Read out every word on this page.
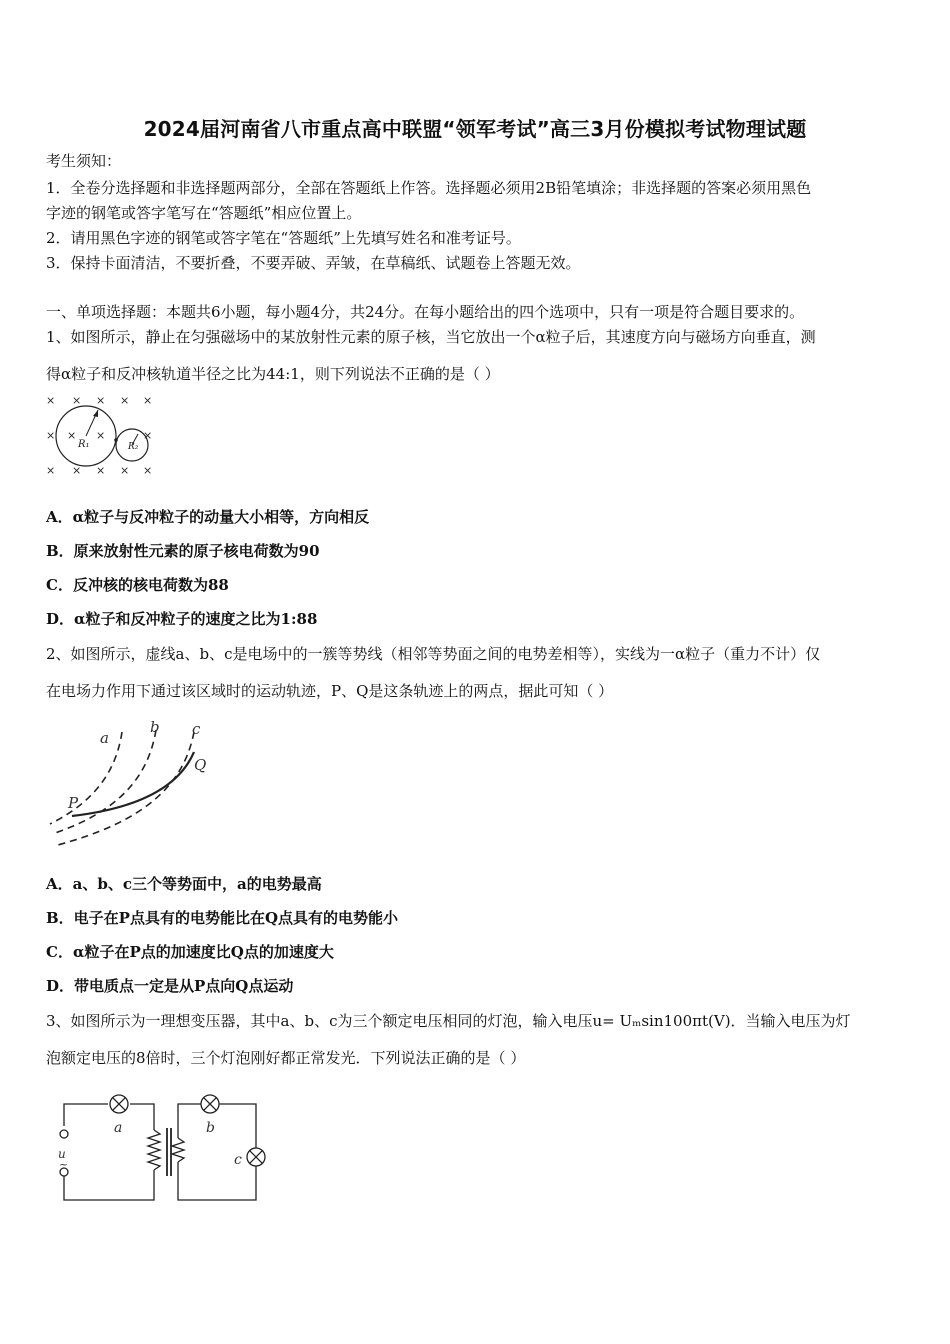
2024届河南省八市重点高中联盟“领军考试”高三3月份模拟考试物理试题
考生须知：
1．全卷分选择题和非选择题两部分，全部在答题纸上作答。选择题必须用2B铅笔填涂；非选择题的答案必须用黑色
字迹的钢笔或答字笔写在“答题纸”相应位置上。
2．请用黑色字迹的钢笔或答字笔在“答题纸”上先填写姓名和准考证号。
3．保持卡面清洁，不要折叠，不要弄破、弄皱，在草稿纸、试题卷上答题无效。
一、单项选择题：本题共6小题，每小题4分，共24分。在每小题给出的四个选项中，只有一项是符合题目要求的。
1、如图所示，静止在匀强磁场中的某放射性元素的原子核，当它放出一个α粒子后，其速度方向与磁场方向垂直，测
得α粒子和反冲核轨道半径之比为44:1，则下列说法不正确的是（ ）
× × × × ×
× × ×	×
× × × × ×
R₁	R₂
A．α粒子与反冲粒子的动量大小相等，方向相反
B．原来放射性元素的原子核电荷数为90
C．反冲核的核电荷数为88
D．α粒子和反冲粒子的速度之比为1:88
2、如图所示，虚线a、b、c是电场中的一簇等势线（相邻等势面之间的电势差相等），实线为一α粒子（重力不计）仅
在电场力作用下通过该区域时的运动轨迹，P、Q是这条轨迹上的两点，据此可知（ ）
a
b c
P
Q
A．a、b、c三个等势面中，a的电势最高
B．电子在P点具有的电势能比在Q点具有的电势能小
C．α粒子在P点的加速度比Q点的加速度大
D．带电质点一定是从P点向Q点运动
3、如图所示为一理想变压器，其中a、b、c为三个额定电压相同的灯泡，输入电压u= Uₘsin100πt(V)．当输入电压为灯
泡额定电压的8倍时，三个灯泡刚好都正常发光．下列说法正确的是（ ）
a	b
c
u
~
